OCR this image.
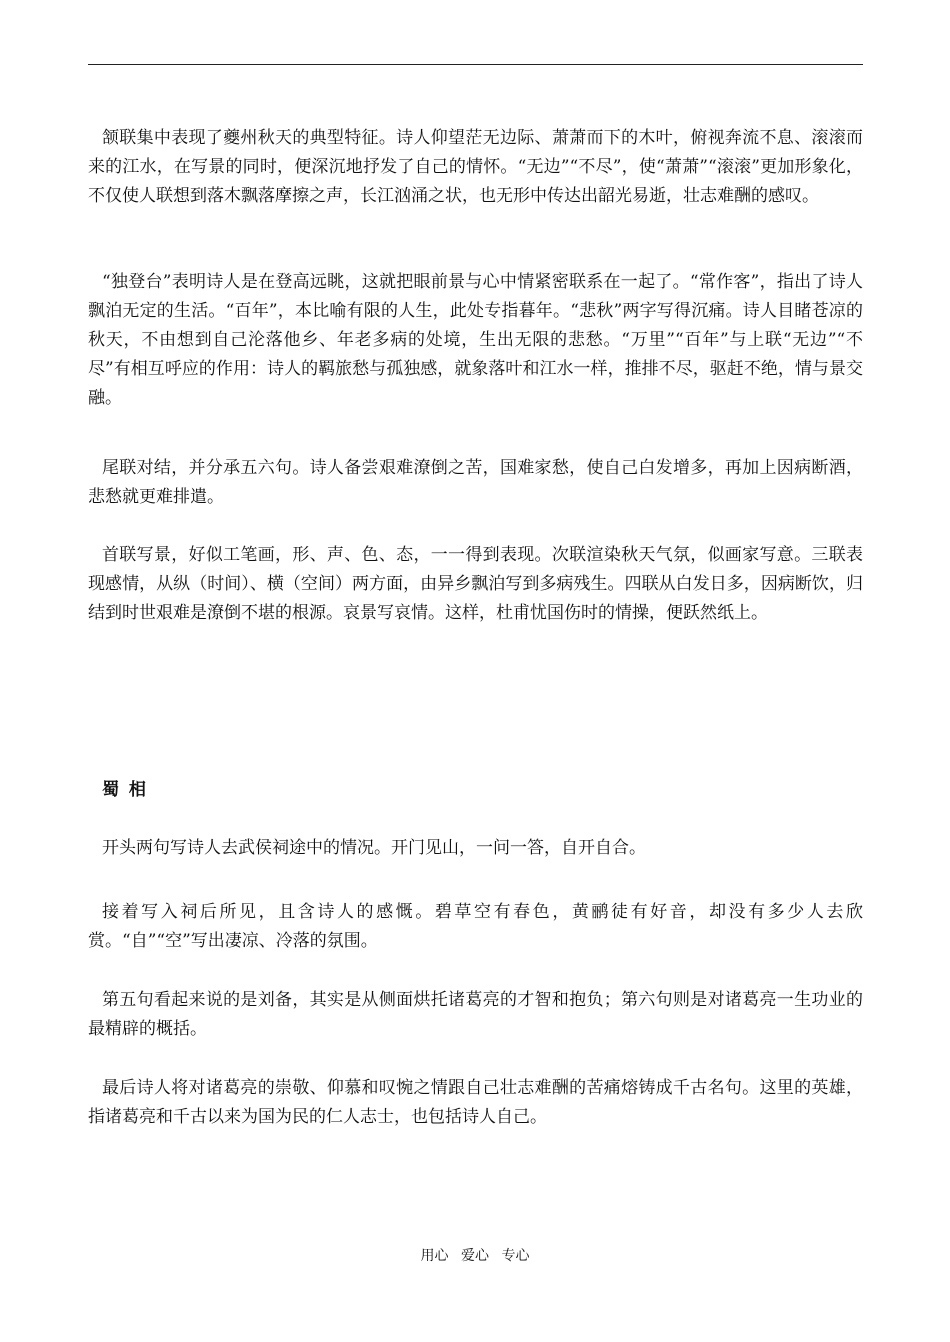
颔联集中表现了夔州秋天的典型特征。诗人仰望茫无边际、萧萧而下的木叶，俯视奔流不息、滚滚而来的江水，在写景的同时，便深沉地抒发了自己的情怀。“无边”“不尽”，使“萧萧”“滚滚”更加形象化，不仅使人联想到落木飘落摩擦之声，长江汹涌之状，也无形中传达出韶光易逝，壮志难酬的感叹。

“独登台”表明诗人是在登高远眺，这就把眼前景与心中情紧密联系在一起了。“常作客”，指出了诗人飘泊无定的生活。“百年”，本比喻有限的人生，此处专指暮年。“悲秋”两字写得沉痛。诗人目睹苍凉的秋天，不由想到自己沦落他乡、年老多病的处境，生出无限的悲愁。“万里”“百年”与上联“无边”“不尽”有相互呼应的作用：诗人的羁旅愁与孤独感，就象落叶和江水一样，推排不尽，驱赶不绝，情与景交融。

尾联对结，并分承五六句。诗人备尝艰难潦倒之苦，国难家愁，使自己白发增多，再加上因病断酒，悲愁就更难排遣。

首联写景，好似工笔画，形、声、色、态，一一得到表现。次联渲染秋天气氛，似画家写意。三联表现感情，从纵（时间）、横（空间）两方面，由异乡飘泊写到多病残生。四联从白发日多，因病断饮，归结到时世艰难是潦倒不堪的根源。哀景写哀情。这样，杜甫忧国伤时的情操，便跃然纸上。

蜀 相

开头两句写诗人去武侯祠途中的情况。开门见山，一问一答，自开自合。

接着写入祠后所见，且含诗人的感慨。碧草空有春色，黄鹂徒有好音，却没有多少人去欣赏。“自”“空”写出凄凉、冷落的氛围。

第五句看起来说的是刘备，其实是从侧面烘托诸葛亮的才智和抱负；第六句则是对诸葛亮一生功业的最精辟的概括。

最后诗人将对诸葛亮的崇敬、仰慕和叹惋之情跟自己壮志难酬的苦痛熔铸成千古名句。这里的英雄，指诸葛亮和千古以来为国为民的仁人志士，也包括诗人自己。

用心 爱心 专心
